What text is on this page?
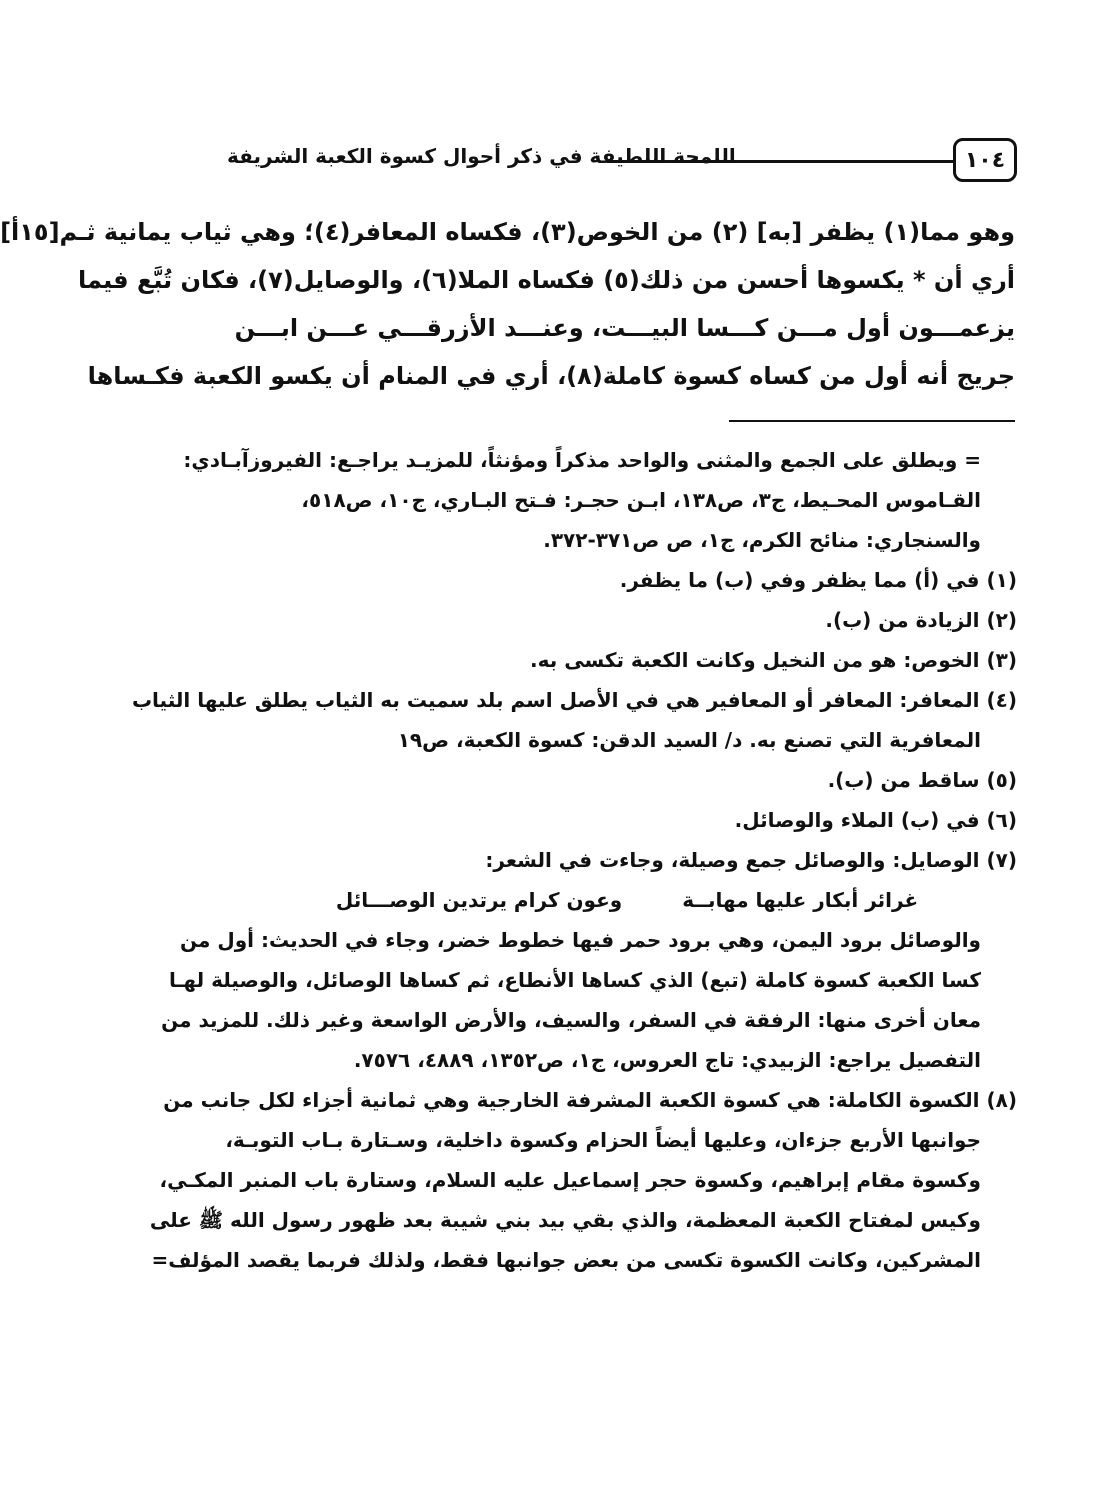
١٠٤
اللمحة اللطيفة في ذكر أحوال كسوة الكعبة الشريفة
وهو مما(١) يظفر [به] (٢) من الخوص(٣)، فكساه المعافر(٤)؛ وهي ثياب يمانية ثـم[١٥أ]
أري أن * يكسوها أحسن من ذلك(٥) فكساه الملا(٦)، والوصايل(٧)، فكان تُبَّع فيما
يزعمـــون أول مـــن كـــسا البيـــت، وعنـــد الأزرقـــي عـــن ابـــن
جريج أنه أول من كساه كسوة كاملة(٨)، أري في المنام أن يكسو الكعبة فكـساها
= ويطلق على الجمع والمثنى والواحد مذكراً ومؤنثاً، للمزيـد يراجـع: الفيروزآبـادي:
القـاموس المحـيط، ج٣، ص١٣٨، ابـن حجـر: فـتح البـاري، ج١٠، ص٥١٨،
والسنجاري: منائح الكرم، ج١، ص ص٣٧١-٣٧٢.
(١) في (أ) مما يظفر وفي (ب) ما يظفر.
(٢) الزيادة من (ب).
(٣) الخوص: هو من النخيل وكانت الكعبة تكسى به.
(٤) المعافر: المعافر أو المعافير هي في الأصل اسم بلد سميت به الثياب يطلق عليها الثياب
المعافرية التي تصنع به. د/ السيد الدقن: كسوة الكعبة، ص١٩
(٥) ساقط من (ب).
(٦) في (ب) الملاء والوصائل.
(٧) الوصايل: والوصائل جمع وصيلة، وجاءت في الشعر:
غرائر أبكار عليها مهابــة
وعون كرام يرتدين الوصـــائل
والوصائل برود اليمن، وهي برود حمر فيها خطوط خضر، وجاء في الحديث: أول من
كسا الكعبة كسوة كاملة (تبع) الذي كساها الأنطاع، ثم كساها الوصائل، والوصيلة لهـا
معان أخرى منها: الرفقة في السفر، والسيف، والأرض الواسعة وغير ذلك. للمزيد من
التفصيل يراجع: الزبيدي: تاج العروس، ج١، ص١٣٥٢، ٤٨٨٩، ٧٥٧٦.
(٨) الكسوة الكاملة: هي كسوة الكعبة المشرفة الخارجية وهي ثمانية أجزاء لكل جانب من
جوانبها الأربع جزءان، وعليها أيضاً الحزام وكسوة داخلية، وسـتارة بـاب التوبـة،
وكسوة مقام إبراهيم، وكسوة حجر إسماعيل عليه السلام، وستارة باب المنبر المكـي،
وكيس لمفتاح الكعبة المعظمة، والذي بقي بيد بني شيبة بعد ظهور رسول الله ﷺ على
المشركين، وكانت الكسوة تكسى من بعض جوانبها فقط، ولذلك فربما يقصد المؤلف=
